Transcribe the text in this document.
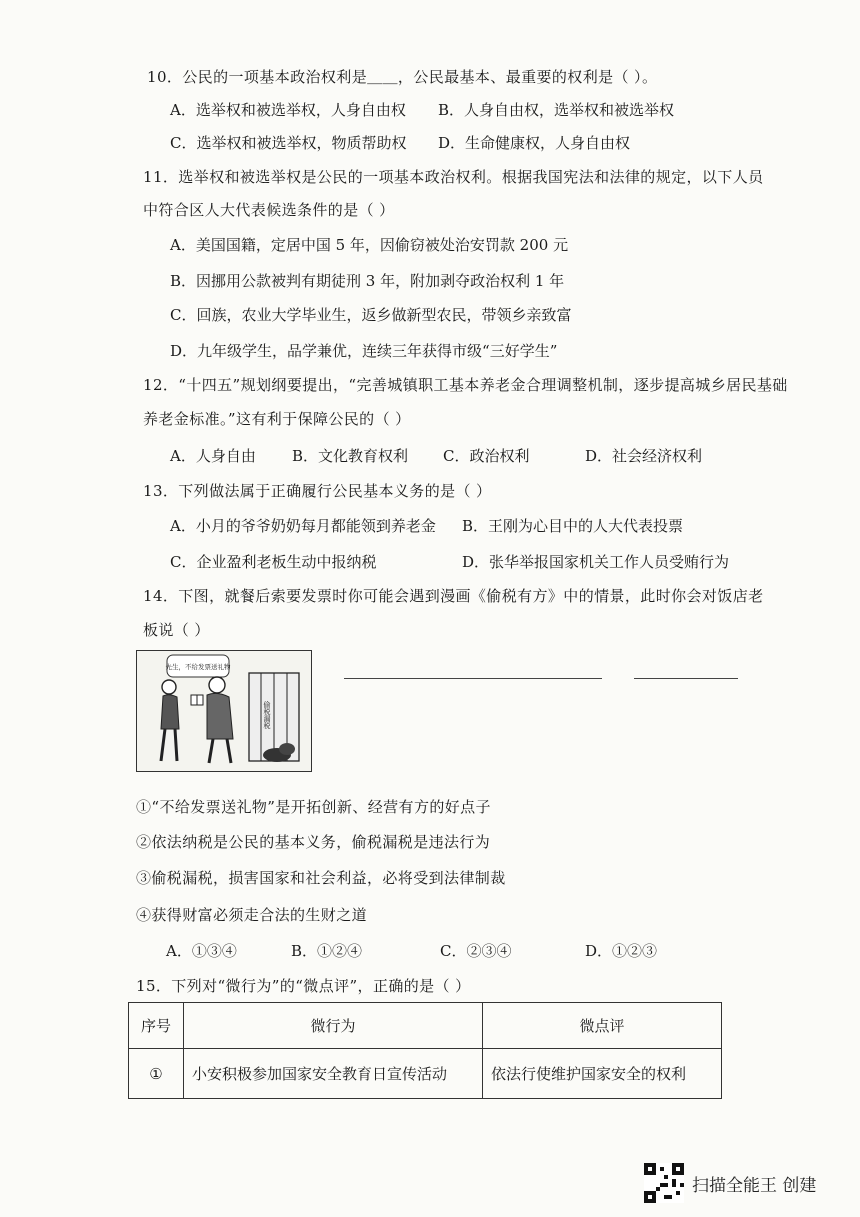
10．公民的一项基本政治权利是＿＿，公民最基本、最重要的权利是（ ）。
A．选举权和被选举权，人身自由权 B．人身自由权，选举权和被选举权
C．选举权和被选举权，物质帮助权 D．生命健康权，人身自由权
11．选举权和被选举权是公民的一项基本政治权利。根据我国宪法和法律的规定，以下人员
中符合区人大代表候选条件的是（ ）
A．美国国籍，定居中国 5 年，因偷窃被处治安罚款 200 元
B．因挪用公款被判有期徒刑 3 年，附加剥夺政治权利 1 年
C．回族，农业大学毕业生，返乡做新型农民，带领乡亲致富
D．九年级学生，品学兼优，连续三年获得市级“三好学生”
12．“十四五”规划纲要提出，“完善城镇职工基本养老金合理调整机制，逐步提高城乡居民基础
养老金标准。”这有利于保障公民的（ ）
A．人身自由 B．文化教育权利 C．政治权利	D．社会经济权利
13．下列做法属于正确履行公民基本义务的是（ ）
A．小月的爷爷奶奶每月都能领到养老金 B．王刚为心目中的人大代表投票
C．企业盈利老板生动中报纳税	D．张华举报国家机关工作人员受贿行为
14．下图，就餐后索要发票时你可能会遇到漫画《偷税有方》中的情景，此时你会对饭店老
板说（ ）
先生，不给发票送礼物
偷税漏税
①“不给发票送礼物”是开拓创新、经营有方的好点子
②依法纳税是公民的基本义务，偷税漏税是违法行为
③偷税漏税，损害国家和社会利益，必将受到法律制裁
④获得财富必须走合法的生财之道
A．①③④	B．①②④	C．②③④	D．①②③
15．下列对“微行为”的“微点评”，正确的是（ ）
序号	微行为	微点评
①	小安积极参加国家安全教育日宣传活动	依法行使维护国家安全的权利
扫描全能王 创建
